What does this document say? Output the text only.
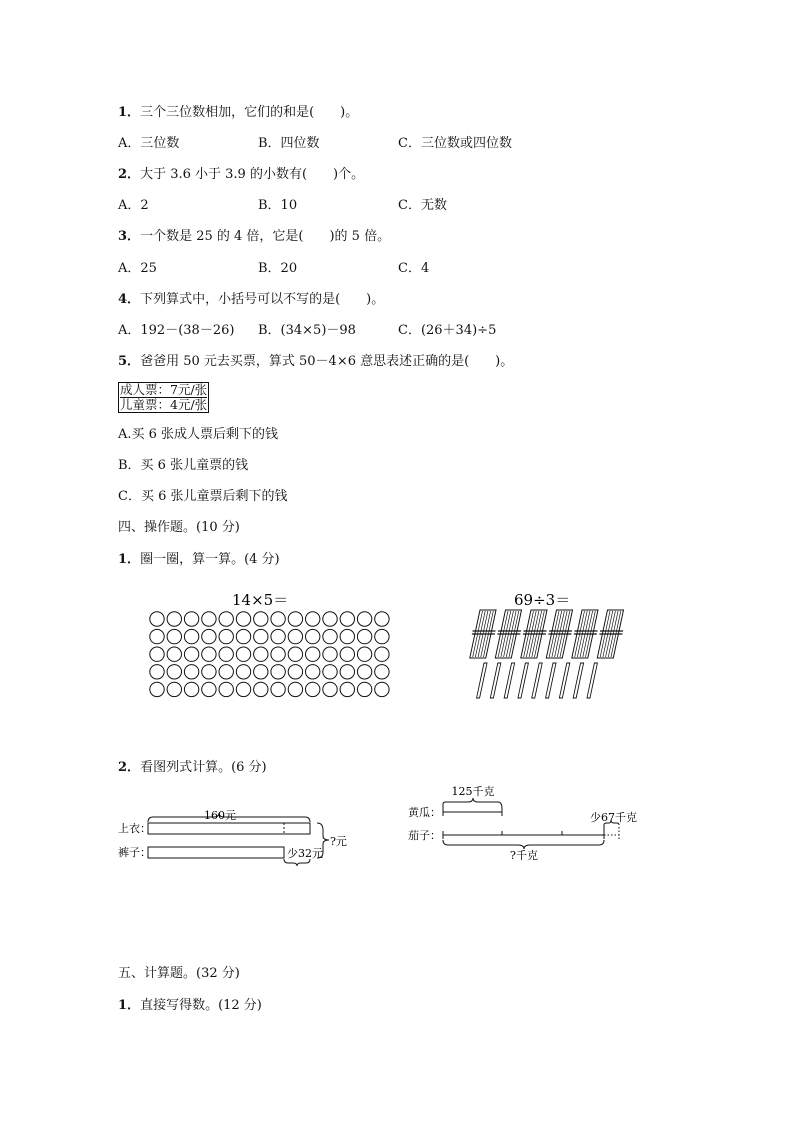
1．三个三位数相加，它们的和是(　　)。
A．三位数	B．四位数	C．三位数或四位数
2．大于 3.6 小于 3.9 的小数有(　　)个。
A．2	B．10	C．无数
3．一个数是 25 的 4 倍，它是(　　)的 5 倍。
A．25	B．20	C．4
4．下列算式中，小括号可以不写的是(　　)。
A．192－(38－26) B．(34×5)－98	C．(26＋34)÷5
5．爸爸用 50 元去买票，算式 50－4×6 意思表述正确的是(　　)。
成人票：7元/张
儿童票：4元/张
A.买 6 张成人票后剩下的钱
B．买 6 张儿童票的钱
C．买 6 张儿童票后剩下的钱
四、操作题。(10 分)
1．圈一圈，算一算。(4 分)
14×5＝	69÷3＝
2．看图列式计算。(6 分)
上衣：
裤子：
160元
少32元
?元
黄瓜：
茄子：
125千克
少67千克
?千克
五、计算题。(32 分)
1．直接写得数。(12 分)
